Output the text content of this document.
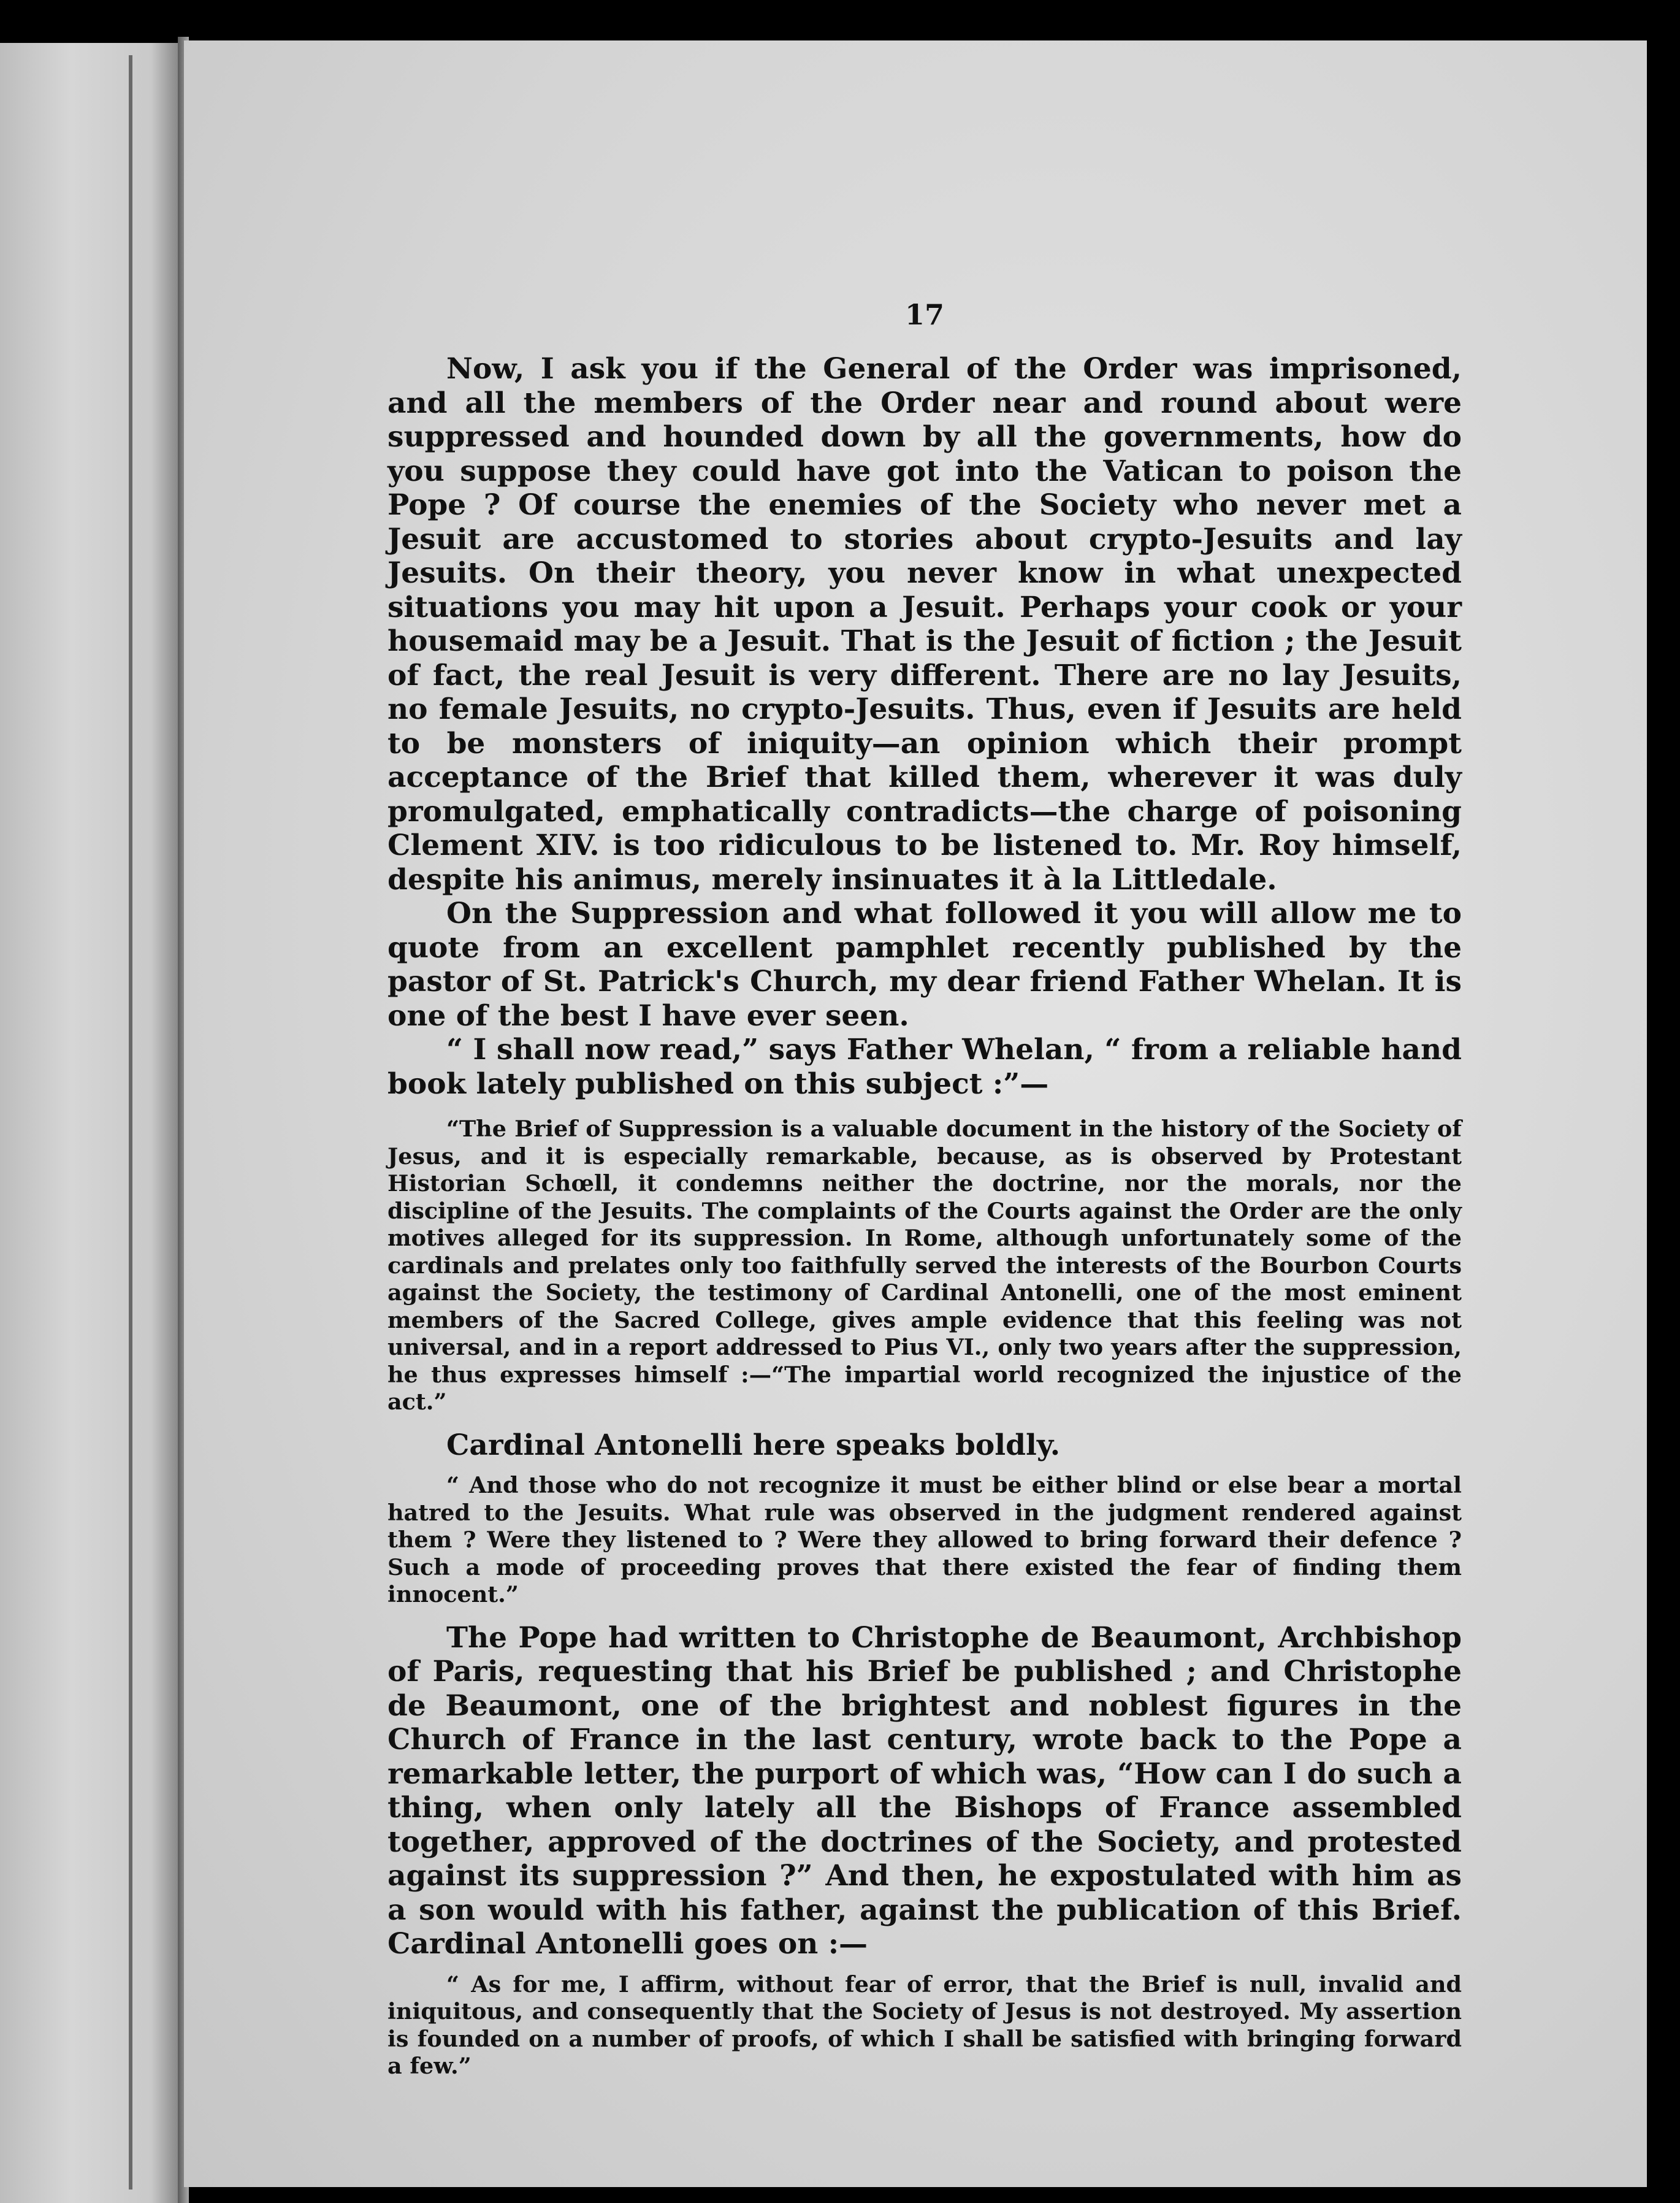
17

Now, I ask you if the General of the Order was imprisoned, and all the members of the Order near and round about were suppressed and hounded down by all the governments, how do you suppose they could have got into the Vatican to poison the Pope ? Of course the enemies of the Society who never met a Jesuit are accustomed to stories about crypto-Jesuits and lay Jesuits. On their theory, you never know in what unexpected situations you may hit upon a Jesuit. Perhaps your cook or your housemaid may be a Jesuit. That is the Jesuit of fiction ; the Jesuit of fact, the real Jesuit is very different. There are no lay Jesuits, no female Jesuits, no crypto-Jesuits. Thus, even if Jesuits are held to be monsters of iniquity—an opinion which their prompt acceptance of the Brief that killed them, wherever it was duly promulgated, emphatically contradicts—the charge of poisoning Clement XIV. is too ridiculous to be listened to. Mr. Roy himself, despite his animus, merely insinuates it à la Littledale.

On the Suppression and what followed it you will allow me to quote from an excellent pamphlet recently published by the pastor of St. Patrick's Church, my dear friend Father Whelan. It is one of the best I have ever seen.

“ I shall now read,” says Father Whelan, “ from a reliable hand book lately published on this subject :”—

“The Brief of Suppression is a valuable document in the history of the Society of Jesus, and it is especially remarkable, because, as is observed by Protestant Historian Schœll, it condemns neither the doctrine, nor the morals, nor the discipline of the Jesuits. The complaints of the Courts against the Order are the only motives alleged for its suppression. In Rome, although unfortunately some of the cardinals and prelates only too faithfully served the interests of the Bourbon Courts against the Society, the testimony of Cardinal Antonelli, one of the most eminent members of the Sacred College, gives ample evidence that this feeling was not universal, and in a report addressed to Pius VI., only two years after the suppression, he thus expresses himself :—“The impartial world recognized the injustice of the act.”

Cardinal Antonelli here speaks boldly.

“ And those who do not recognize it must be either blind or else bear a mortal hatred to the Jesuits. What rule was observed in the judgment rendered against them ? Were they listened to ? Were they allowed to bring forward their defence ? Such a mode of proceeding proves that there existed the fear of finding them innocent.”

The Pope had written to Christophe de Beaumont, Archbishop of Paris, requesting that his Brief be published ; and Christophe de Beaumont, one of the brightest and noblest figures in the Church of France in the last century, wrote back to the Pope a remarkable letter, the purport of which was, “How can I do such a thing, when only lately all the Bishops of France assembled together, approved of the doctrines of the Society, and protested against its suppression ?” And then, he expostulated with him as a son would with his father, against the publication of this Brief. Cardinal Antonelli goes on :—

“ As for me, I affirm, without fear of error, that the Brief is null, invalid and iniquitous, and consequently that the Society of Jesus is not destroyed. My assertion is founded on a number of proofs, of which I shall be satisfied with bringing forward a few.”
